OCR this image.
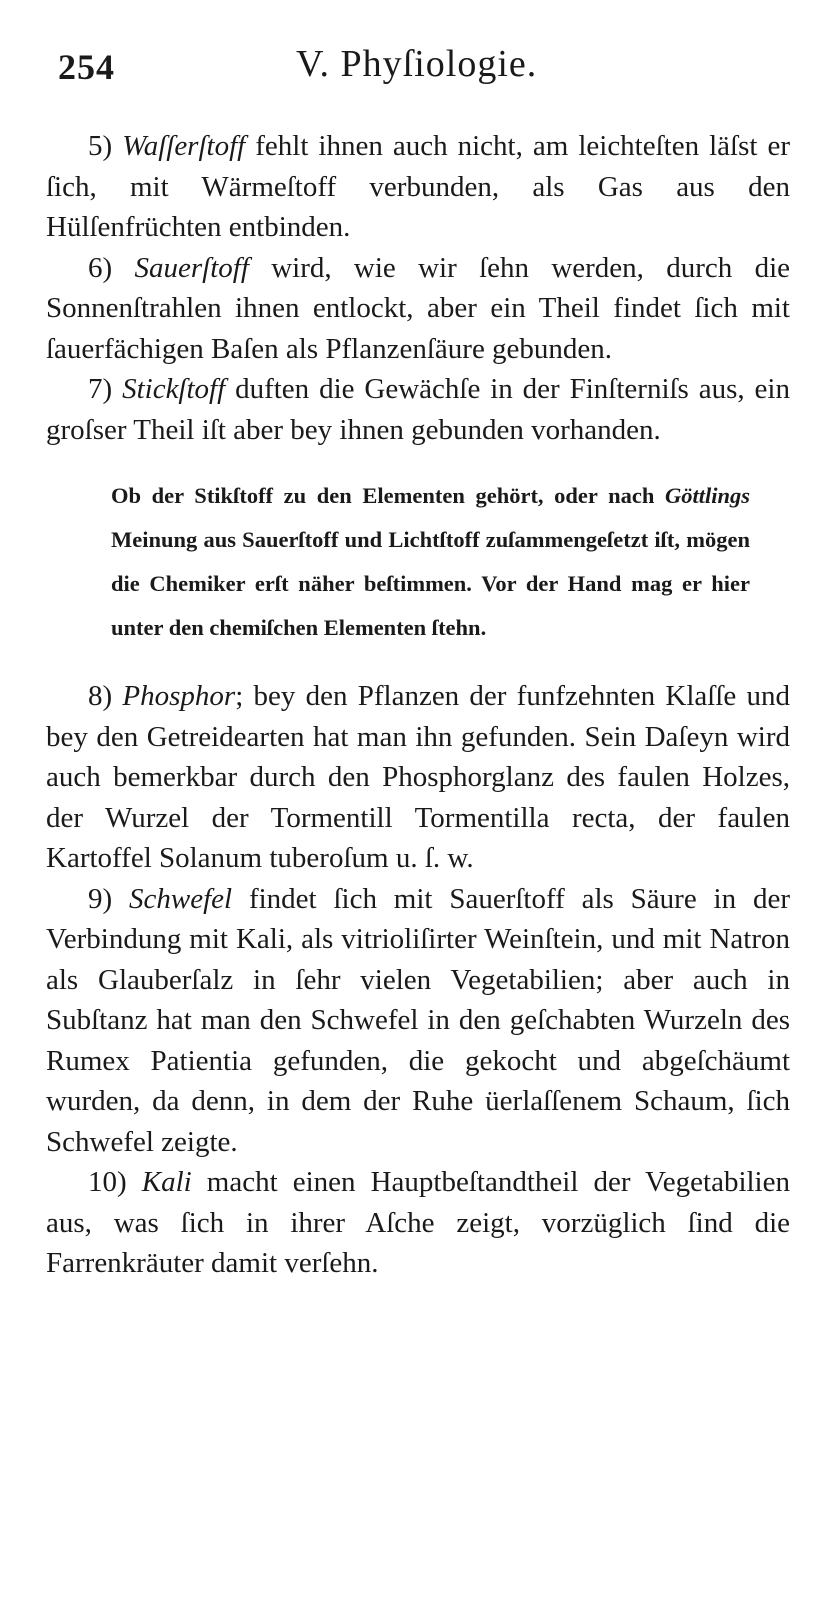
254	V. Phyſiologie.

5) Waſſerſtoff fehlt ihnen auch nicht, am leichteſten läſst er ſich, mit Wärmeſtoff verbunden, als Gas aus den Hülſenfrüchten entbinden.

6) Sauerſtoff wird, wie wir ſehn werden, durch die Sonnenſtrahlen ihnen entlockt, aber ein Theil findet ſich mit ſauerfächigen Baſen als Pflanzenſäure gebunden.

7) Stickſtoff duften die Gewächſe in der Finſterniſs aus, ein groſser Theil iſt aber bey ihnen gebunden vorhanden.

Ob der Stikſtoff zu den Elementen gehört, oder nach Göttlings Meinung aus Sauerſtoff und Lichtſtoff zuſammengeſetzt iſt, mögen die Chemiker erſt näher beſtimmen. Vor der Hand mag er hier unter den chemiſchen Elementen ſtehn.

8) Phosphor; bey den Pflanzen der funfzehnten Klaſſe und bey den Getreidearten hat man ihn gefunden. Sein Daſeyn wird auch bemerkbar durch den Phosphorglanz des faulen Holzes, der Wurzel der Tormentill Tormentilla recta, der faulen Kartoffel Solanum tuberoſum u. ſ. w.

9) Schwefel findet ſich mit Sauerſtoff als Säure in der Verbindung mit Kali, als vitrioliſirter Weinſtein, und mit Natron als Glauberſalz in ſehr vielen Vegetabilien; aber auch in Subſtanz hat man den Schwefel in den geſchabten Wurzeln des Rumex Patientia gefunden, die gekocht und abgeſchäumt wurden, da denn, in dem der Ruhe üerlaſſenem Schaum, ſich Schwefel zeigte.

10) Kali macht einen Hauptbeſtandtheil der Vegetabilien aus, was ſich in ihrer Aſche zeigt, vorzüglich ſind die Farrenkräuter damit verſehn.
